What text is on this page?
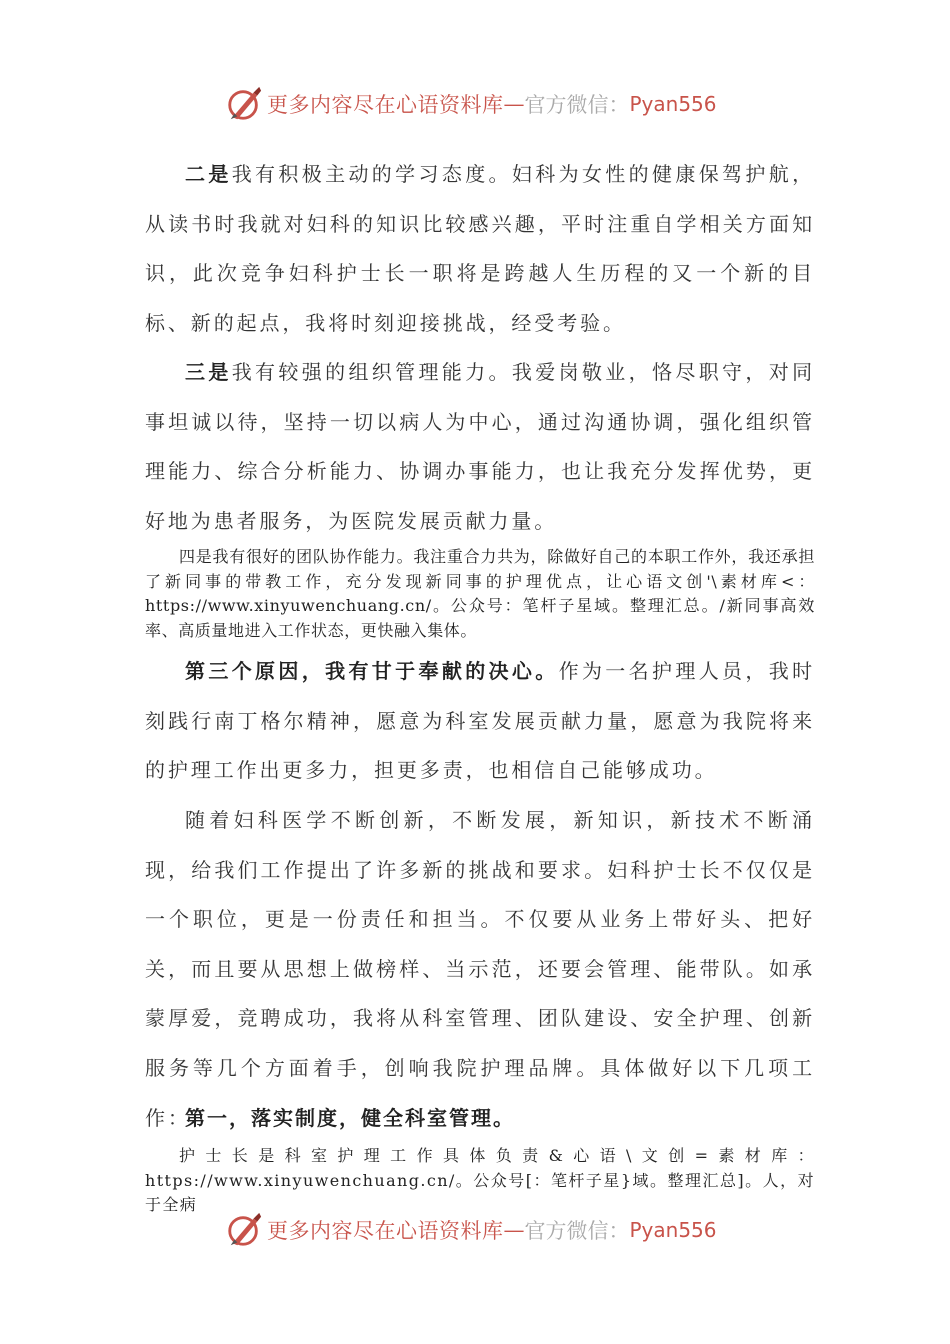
更多内容尽在心语资料库 — 官方微信： Pyan556
二是我有积极主动的学习态度。妇科为女性的健康保驾护航，从读书时我就对妇科的知识比较感兴趣，平时注重自学相关方面知识，此次竞争妇科护士长一职将是跨越人生历程的又一个新的目标、新的起点，我将时刻迎接挑战，经受考验。
三是我有较强的组织管理能力。我爱岗敬业，恪尽职守，对同事坦诚以待，坚持一切以病人为中心，通过沟通协调，强化组织管理能力、综合分析能力、协调办事能力，也让我充分发挥优势，更好地为患者服务，为医院发展贡献力量。
四是我有很好的团队协作能力。我注重合力共为，除做好自己的本职工作外，我还承担了新同事的带教工作，充分发现新同事的护理优点，让心语文创'\素材库<：https://www.xinyuwenchuang.cn/。公众号：笔杆子星域。整理汇总。/新同事高效率、高质量地进入工作状态，更快融入集体。
第三个原因，我有甘于奉献的决心。作为一名护理人员，我时刻践行南丁格尔精神，愿意为科室发展贡献力量，愿意为我院将来的护理工作出更多力，担更多责，也相信自己能够成功。
随着妇科医学不断创新，不断发展，新知识，新技术不断涌现，给我们工作提出了许多新的挑战和要求。妇科护士长不仅仅是一个职位，更是一份责任和担当。不仅要从业务上带好头、把好关，而且要从思想上做榜样、当示范，还要会管理、能带队。如承蒙厚爱，竞聘成功，我将从科室管理、团队建设、安全护理、创新服务等几个方面着手，创响我院护理品牌。具体做好以下几项工作：
第一，落实制度，健全科室管理。
护士长是科室护理工作具体负责&心语\文创=素材库：https://www.xinyuwenchuang.cn/。公众号[：笔杆子星}域。整理汇总]。人，对于全病
更多内容尽在心语资料库 — 官方微信： Pyan556
